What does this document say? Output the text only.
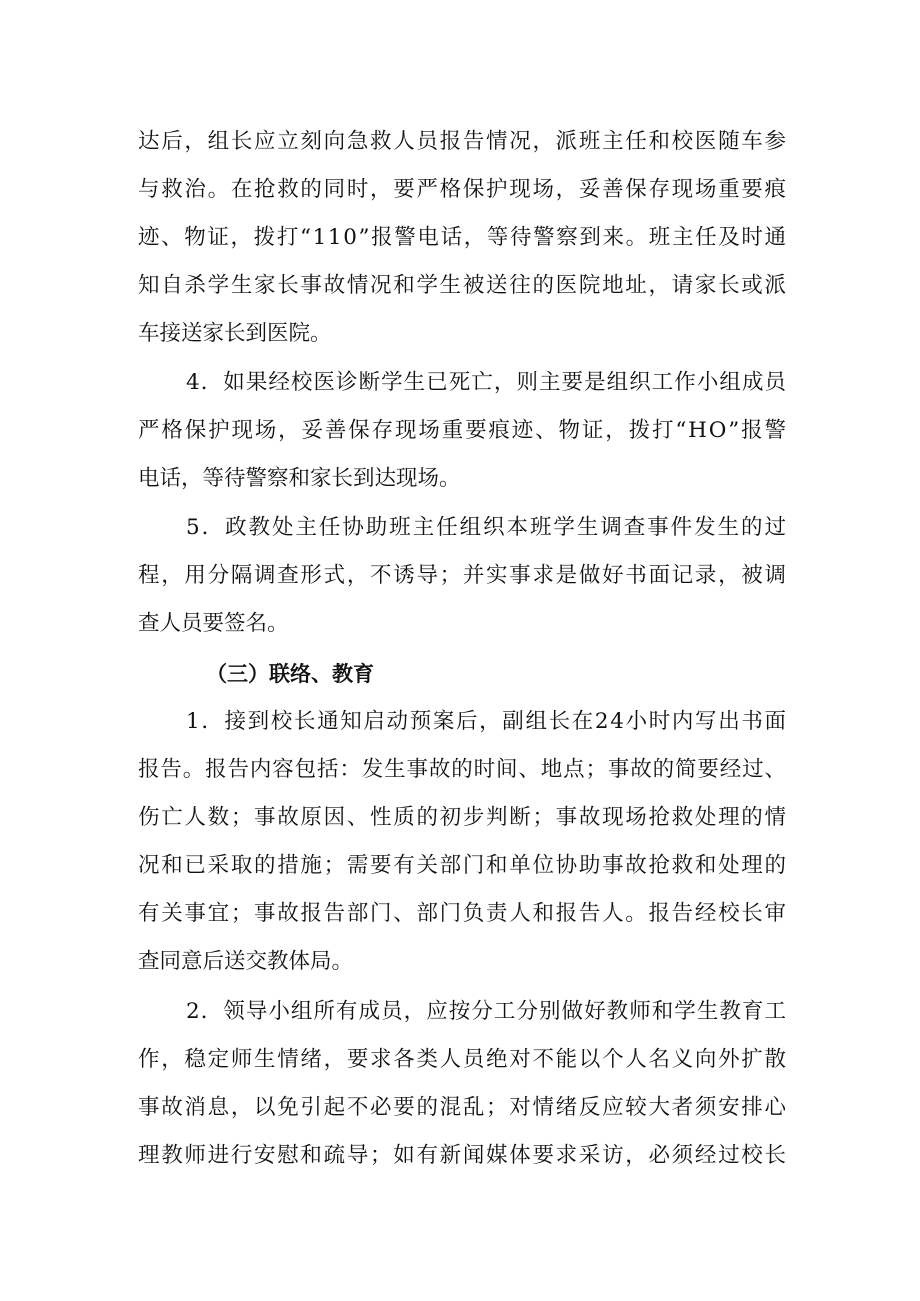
达后，组长应立刻向急救人员报告情况，派班主任和校医随车参

与救治。在抢救的同时，要严格保护现场，妥善保存现场重要痕

迹、物证，拨打“110”报警电话，等待警察到来。班主任及时通

知自杀学生家长事故情况和学生被送往的医院地址，请家长或派

车接送家长到医院。

4．如果经校医诊断学生已死亡，则主要是组织工作小组成员

严格保护现场，妥善保存现场重要痕迹、物证，拨打“HO”报警

电话，等待警察和家长到达现场。

5．政教处主任协助班主任组织本班学生调查事件发生的过

程，用分隔调查形式，不诱导；并实事求是做好书面记录，被调

查人员要签名。

（三）联络、教育

1．接到校长通知启动预案后，副组长在24小时内写出书面

报告。报告内容包括：发生事故的时间、地点；事故的简要经过、

伤亡人数；事故原因、性质的初步判断；事故现场抢救处理的情

况和已采取的措施；需要有关部门和单位协助事故抢救和处理的

有关事宜；事故报告部门、部门负责人和报告人。报告经校长审

查同意后送交教体局。

2．领导小组所有成员，应按分工分别做好教师和学生教育工

作，稳定师生情绪，要求各类人员绝对不能以个人名义向外扩散

事故消息，以免引起不必要的混乱；对情绪反应较大者须安排心

理教师进行安慰和疏导；如有新闻媒体要求采访，必须经过校长
